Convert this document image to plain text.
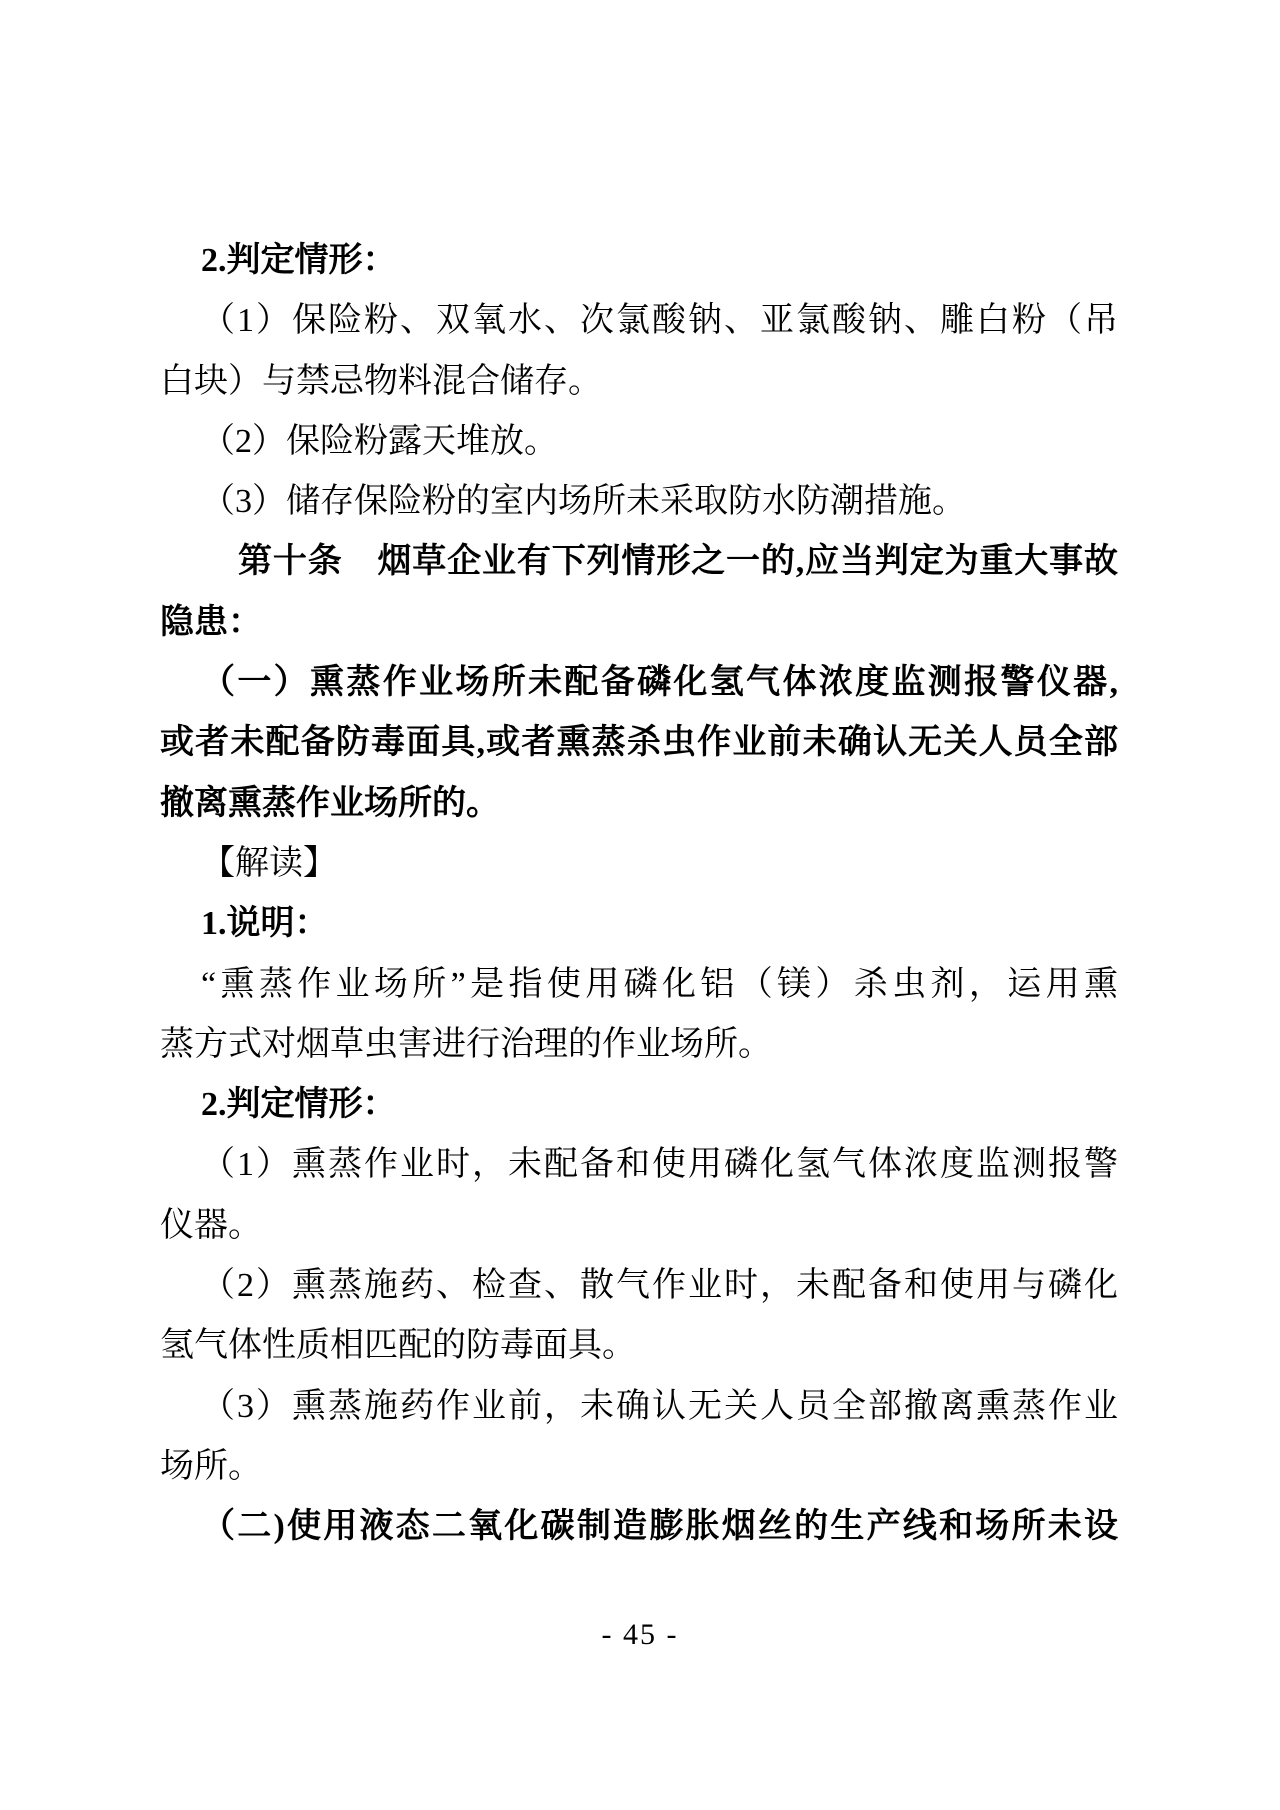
2.判定情形：
（1）保险粉、双氧水、次氯酸钠、亚氯酸钠、雕白粉（吊
白块）与禁忌物料混合储存。
（2）保险粉露天堆放。
（3）储存保险粉的室内场所未采取防水防潮措施。
第十条　烟草企业有下列情形之一的,应当判定为重大事故
隐患：
（一）熏蒸作业场所未配备磷化氢气体浓度监测报警仪器,
或者未配备防毒面具,或者熏蒸杀虫作业前未确认无关人员全部
撤离熏蒸作业场所的。
【解读】
1.说明：
“熏蒸作业场所”是指使用磷化铝（镁）杀虫剂，运用熏
蒸方式对烟草虫害进行治理的作业场所。
2.判定情形：
（1）熏蒸作业时，未配备和使用磷化氢气体浓度监测报警
仪器。
（2）熏蒸施药、检查、散气作业时，未配备和使用与磷化
氢气体性质相匹配的防毒面具。
（3）熏蒸施药作业前，未确认无关人员全部撤离熏蒸作业
场所。
（二)使用液态二氧化碳制造膨胀烟丝的生产线和场所未设
- 45 -
